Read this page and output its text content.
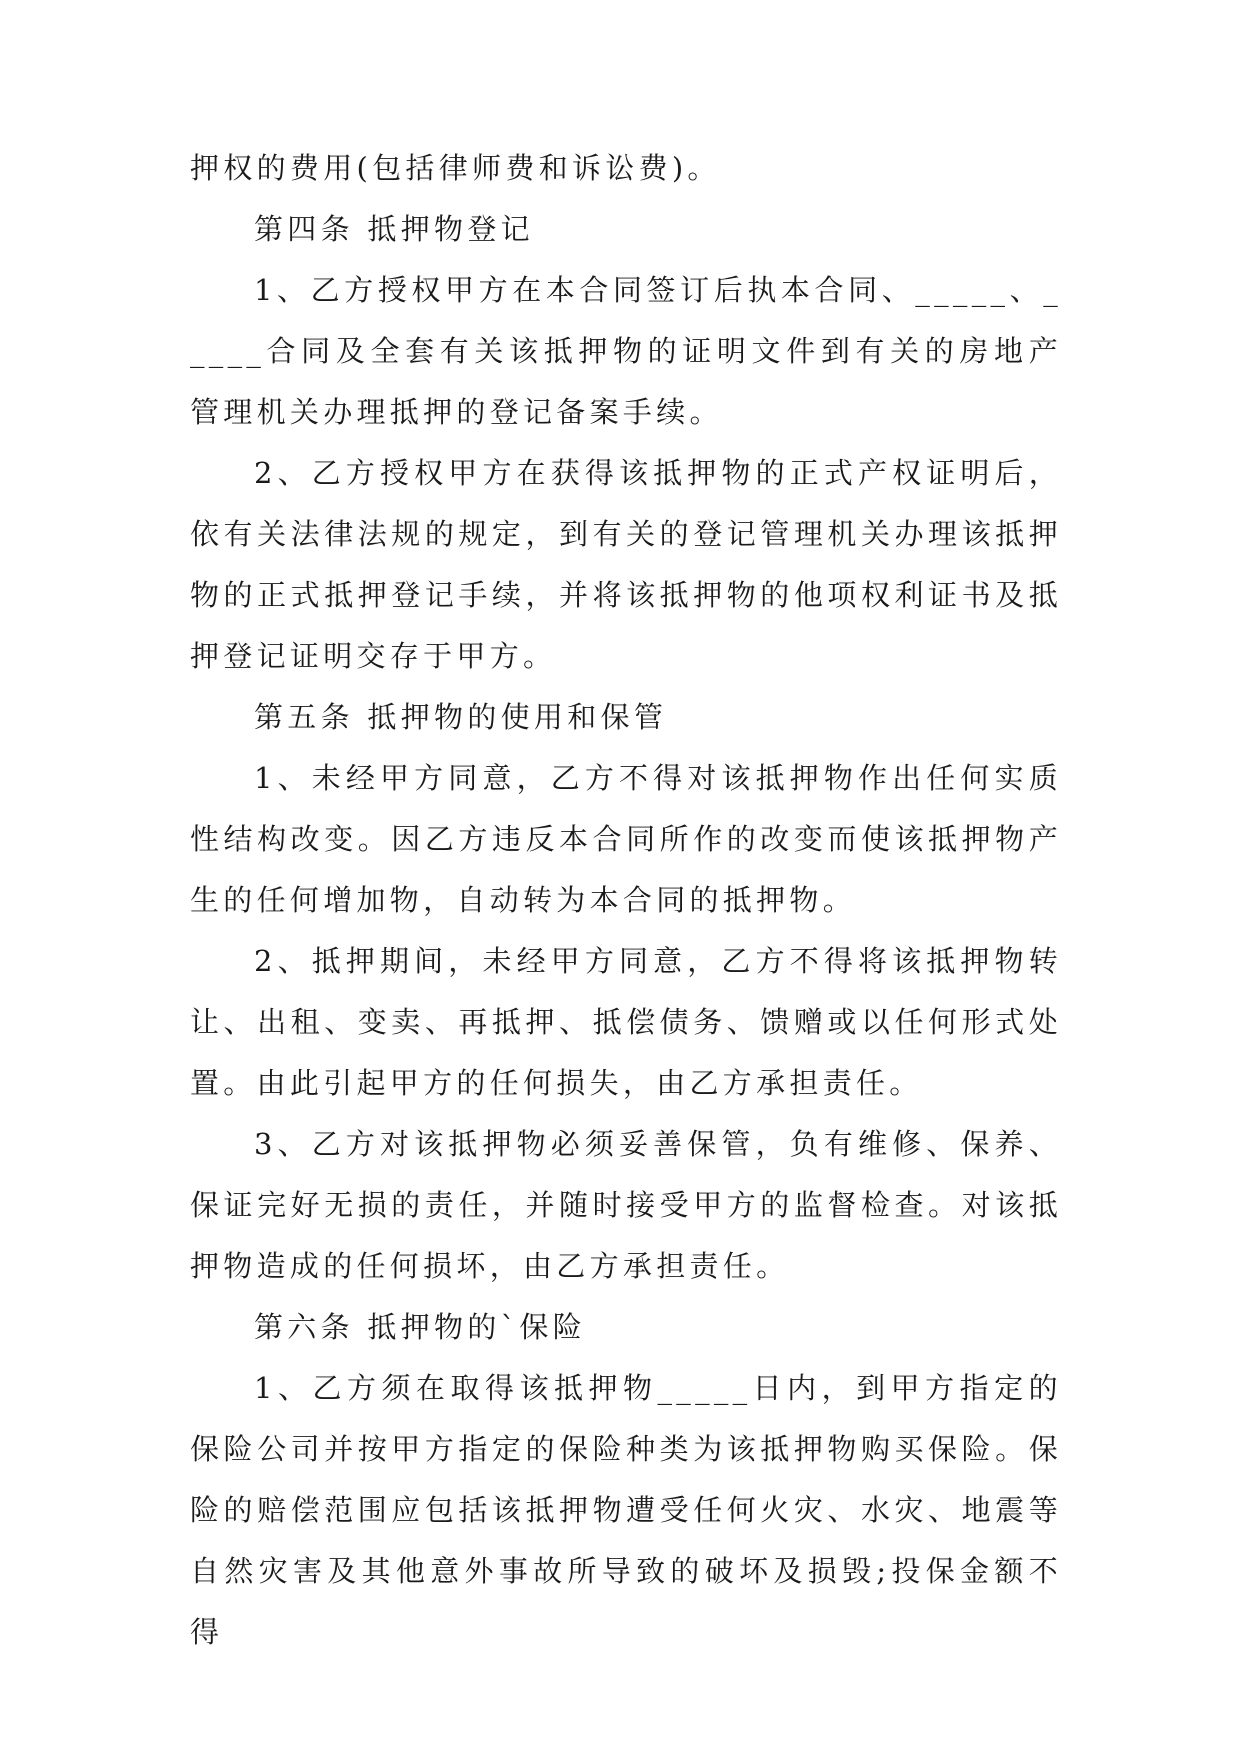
押权的费用(包括律师费和诉讼费)。

第四条 抵押物登记

1、乙方授权甲方在本合同签订后执本合同、_____、_____合同及全套有关该抵押物的证明文件到有关的房地产管理机关办理抵押的登记备案手续。

2、乙方授权甲方在获得该抵押物的正式产权证明后，依有关法律法规的规定，到有关的登记管理机关办理该抵押物的正式抵押登记手续，并将该抵押物的他项权利证书及抵押登记证明交存于甲方。

第五条 抵押物的使用和保管

1、未经甲方同意，乙方不得对该抵押物作出任何实质性结构改变。因乙方违反本合同所作的改变而使该抵押物产生的任何增加物，自动转为本合同的抵押物。

2、抵押期间，未经甲方同意，乙方不得将该抵押物转让、出租、变卖、再抵押、抵偿债务、馈赠或以任何形式处置。由此引起甲方的任何损失，由乙方承担责任。

3、乙方对该抵押物必须妥善保管，负有维修、保养、保证完好无损的责任，并随时接受甲方的监督检查。对该抵押物造成的任何损坏，由乙方承担责任。

第六条 抵押物的`保险

1、乙方须在取得该抵押物_____日内，到甲方指定的保险公司并按甲方指定的保险种类为该抵押物购买保险。保险的赔偿范围应包括该抵押物遭受任何火灾、水灾、地震等自然灾害及其他意外事故所导致的破坏及损毁;投保金额不得
